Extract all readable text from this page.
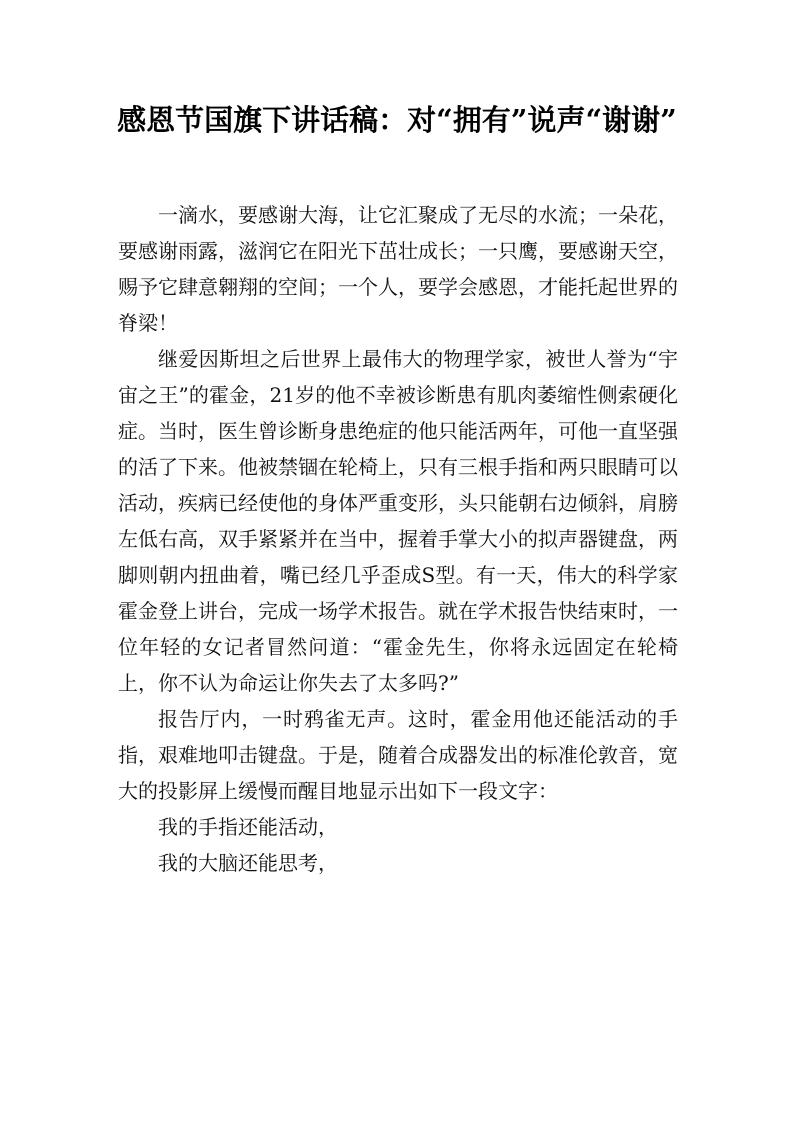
感恩节国旗下讲话稿：对“拥有”说声“谢谢”

一滴水，要感谢大海，让它汇聚成了无尽的水流；一朵花，要感谢雨露，滋润它在阳光下茁壮成长；一只鹰，要感谢天空，赐予它肆意翱翔的空间；一个人，要学会感恩，才能托起世界的脊梁！

继爱因斯坦之后世界上最伟大的物理学家，被世人誉为“宇宙之王”的霍金，21岁的他不幸被诊断患有肌肉萎缩性侧索硬化症。当时，医生曾诊断身患绝症的他只能活两年，可他一直坚强的活了下来。他被禁锢在轮椅上，只有三根手指和两只眼睛可以活动，疾病已经使他的身体严重变形，头只能朝右边倾斜，肩膀左低右高，双手紧紧并在当中，握着手掌大小的拟声器键盘，两脚则朝内扭曲着，嘴已经几乎歪成S型。有一天，伟大的科学家霍金登上讲台，完成一场学术报告。就在学术报告快结束时，一位年轻的女记者冒然问道：“霍金先生，你将永远固定在轮椅上，你不认为命运让你失去了太多吗?”

报告厅内，一时鸦雀无声。这时，霍金用他还能活动的手指，艰难地叩击键盘。于是，随着合成器发出的标准伦敦音，宽大的投影屏上缓慢而醒目地显示出如下一段文字：

我的手指还能活动，

我的大脑还能思考，
